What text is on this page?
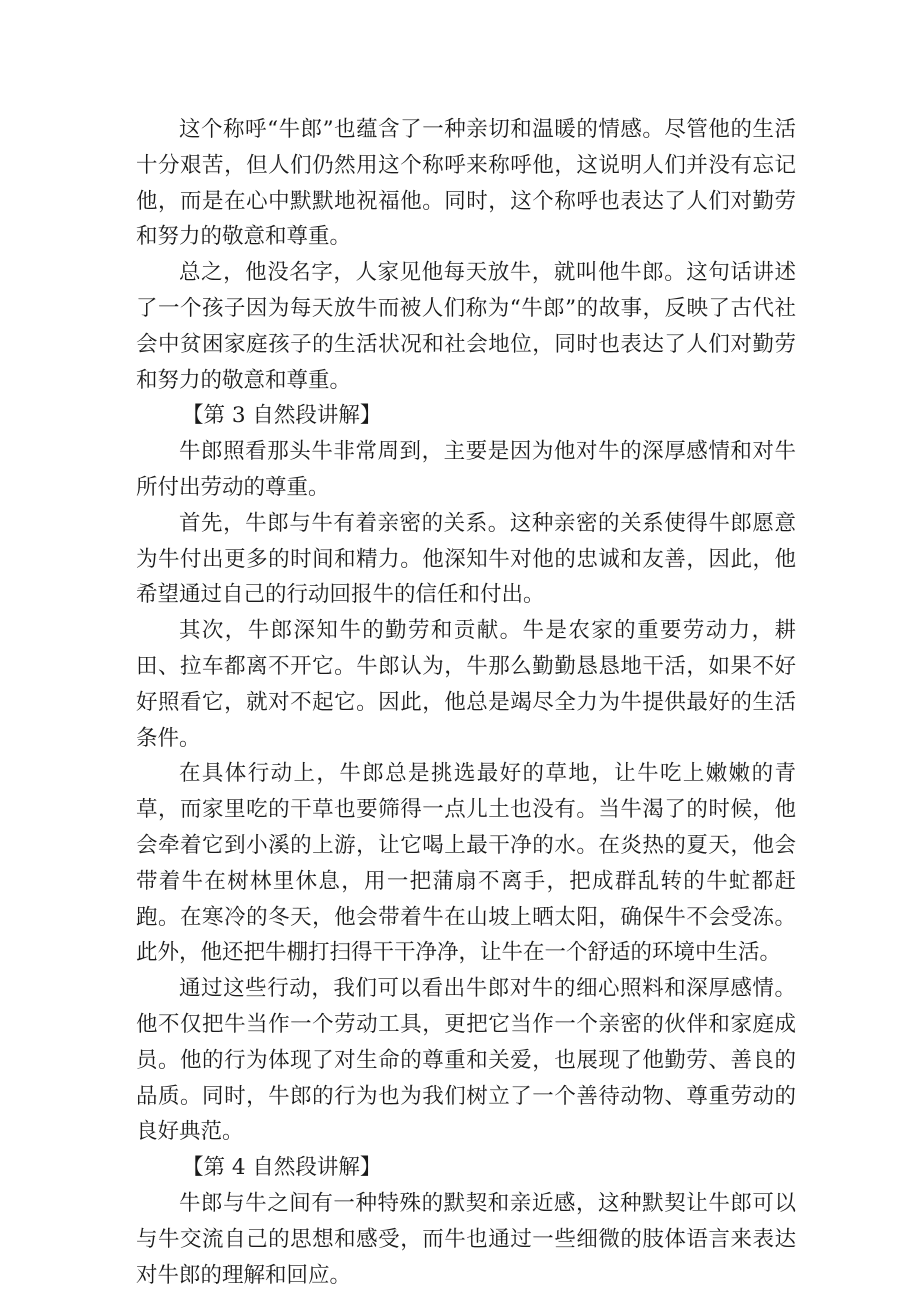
这个称呼“牛郎”也蕴含了一种亲切和温暖的情感。尽管他的生活十分艰苦，但人们仍然用这个称呼来称呼他，这说明人们并没有忘记他，而是在心中默默地祝福他。同时，这个称呼也表达了人们对勤劳和努力的敬意和尊重。

总之，他没名字，人家见他每天放牛，就叫他牛郎。这句话讲述了一个孩子因为每天放牛而被人们称为“牛郎”的故事，反映了古代社会中贫困家庭孩子的生活状况和社会地位，同时也表达了人们对勤劳和努力的敬意和尊重。

【第 3 自然段讲解】

牛郎照看那头牛非常周到，主要是因为他对牛的深厚感情和对牛所付出劳动的尊重。

首先，牛郎与牛有着亲密的关系。这种亲密的关系使得牛郎愿意为牛付出更多的时间和精力。他深知牛对他的忠诚和友善，因此，他希望通过自己的行动回报牛的信任和付出。

其次，牛郎深知牛的勤劳和贡献。牛是农家的重要劳动力，耕田、拉车都离不开它。牛郎认为，牛那么勤勤恳恳地干活，如果不好好照看它，就对不起它。因此，他总是竭尽全力为牛提供最好的生活条件。

在具体行动上，牛郎总是挑选最好的草地，让牛吃上嫩嫩的青草，而家里吃的干草也要筛得一点儿土也没有。当牛渴了的时候，他会牵着它到小溪的上游，让它喝上最干净的水。在炎热的夏天，他会带着牛在树林里休息，用一把蒲扇不离手，把成群乱转的牛虻都赶跑。在寒冷的冬天，他会带着牛在山坡上晒太阳，确保牛不会受冻。此外，他还把牛棚打扫得干干净净，让牛在一个舒适的环境中生活。

通过这些行动，我们可以看出牛郎对牛的细心照料和深厚感情。他不仅把牛当作一个劳动工具，更把它当作一个亲密的伙伴和家庭成员。他的行为体现了对生命的尊重和关爱，也展现了他勤劳、善良的品质。同时，牛郎的行为也为我们树立了一个善待动物、尊重劳动的良好典范。

【第 4 自然段讲解】

牛郎与牛之间有一种特殊的默契和亲近感，这种默契让牛郎可以与牛交流自己的思想和感受，而牛也通过一些细微的肢体语言来表达对牛郎的理解和回应。
